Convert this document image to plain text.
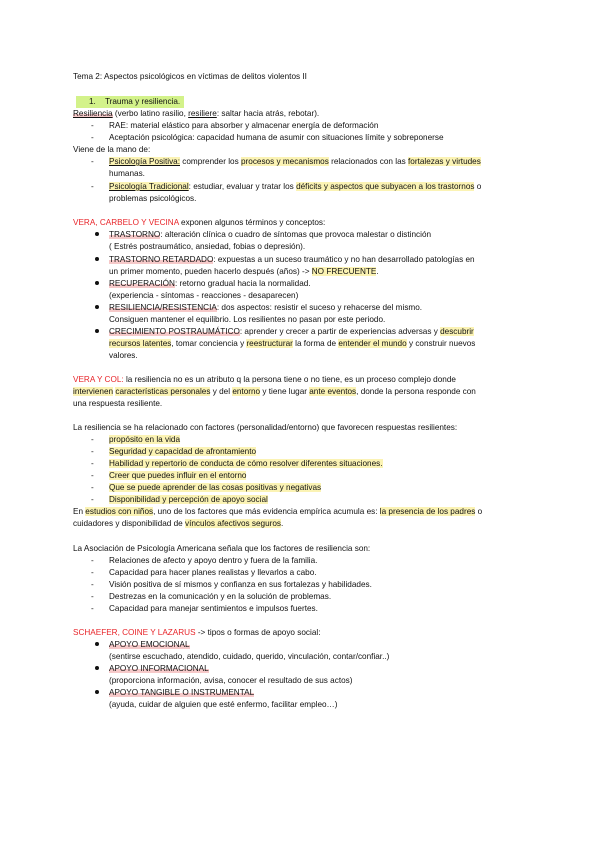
Tema 2: Aspectos psicológicos en víctimas de delitos violentos II
1. Trauma y resiliencia.
Resiliencia (verbo latino rasilio, resiliere: saltar hacia atrás, rebotar).
- RAE: material elástico para absorber y almacenar energía de deformación
- Aceptación psicológica: capacidad humana de asumir con situaciones límite y sobreponerse
Viene de la mano de:
- Psicología Positiva: comprender los procesos y mecanismos relacionados con las fortalezas y virtudes
humanas.
- Psicología Tradicional: estudiar, evaluar y tratar los déficits y aspectos que subyacen a los trastornos o
problemas psicológicos.
VERA, CARBELO Y VECINA exponen algunos términos y conceptos:
TRASTORNO: alteración clínica o cuadro de síntomas que provoca malestar o distinción
( Estrés postraumático, ansiedad, fobias o depresión).
TRASTORNO RETARDADO: expuestas a un suceso traumático y no han desarrollado patologías en
un primer momento, pueden hacerlo después (años) -> NO FRECUENTE.
RECUPERACIÓN: retorno gradual hacia la normalidad.
(experiencia - síntomas - reacciones - desaparecen)
RESILIENCIA/RESISTENCIA: dos aspectos: resistir el suceso y rehacerse del mismo.
Consiguen mantener el equilibrio. Los resilientes no pasan por este periodo.
CRECIMIENTO POSTRAUMÁTICO: aprender y crecer a partir de experiencias adversas y descubrir
recursos latentes, tomar conciencia y reestructurar la forma de entender el mundo y construir nuevos
valores.
VERA Y COL: la resiliencia no es un atributo q la persona tiene o no tiene, es un proceso complejo donde
intervienen características personales y del entorno y tiene lugar ante eventos, donde la persona responde con
una respuesta resiliente.
La resiliencia se ha relacionado con factores (personalidad/entorno) que favorecen respuestas resilientes:
- propósito en la vida
- Seguridad y capacidad de afrontamiento
- Habilidad y repertorio de conducta de cómo resolver diferentes situaciones.
- Creer que puedes influir en el entorno
- Que se puede aprender de las cosas positivas y negativas
- Disponibilidad y percepción de apoyo social
En estudios con niños, uno de los factores que más evidencia empírica acumula es: la presencia de los padres o
cuidadores y disponibilidad de vínculos afectivos seguros.
La Asociación de Psicología Americana señala que los factores de resiliencia son:
- Relaciones de afecto y apoyo dentro y fuera de la familia.
- Capacidad para hacer planes realistas y llevarlos a cabo.
- Visión positiva de sí mismos y confianza en sus fortalezas y habilidades.
- Destrezas en la comunicación y en la solución de problemas.
- Capacidad para manejar sentimientos e impulsos fuertes.
SCHAEFER, COINE Y LAZARUS -> tipos o formas de apoyo social:
APOYO EMOCIONAL
(sentirse escuchado, atendido, cuidado, querido, vinculación, contar/confiar..)
APOYO INFORMACIONAL
(proporciona información, avisa, conocer el resultado de sus actos)
APOYO TANGIBLE O INSTRUMENTAL
(ayuda, cuidar de alguien que esté enfermo, facilitar empleo…)
